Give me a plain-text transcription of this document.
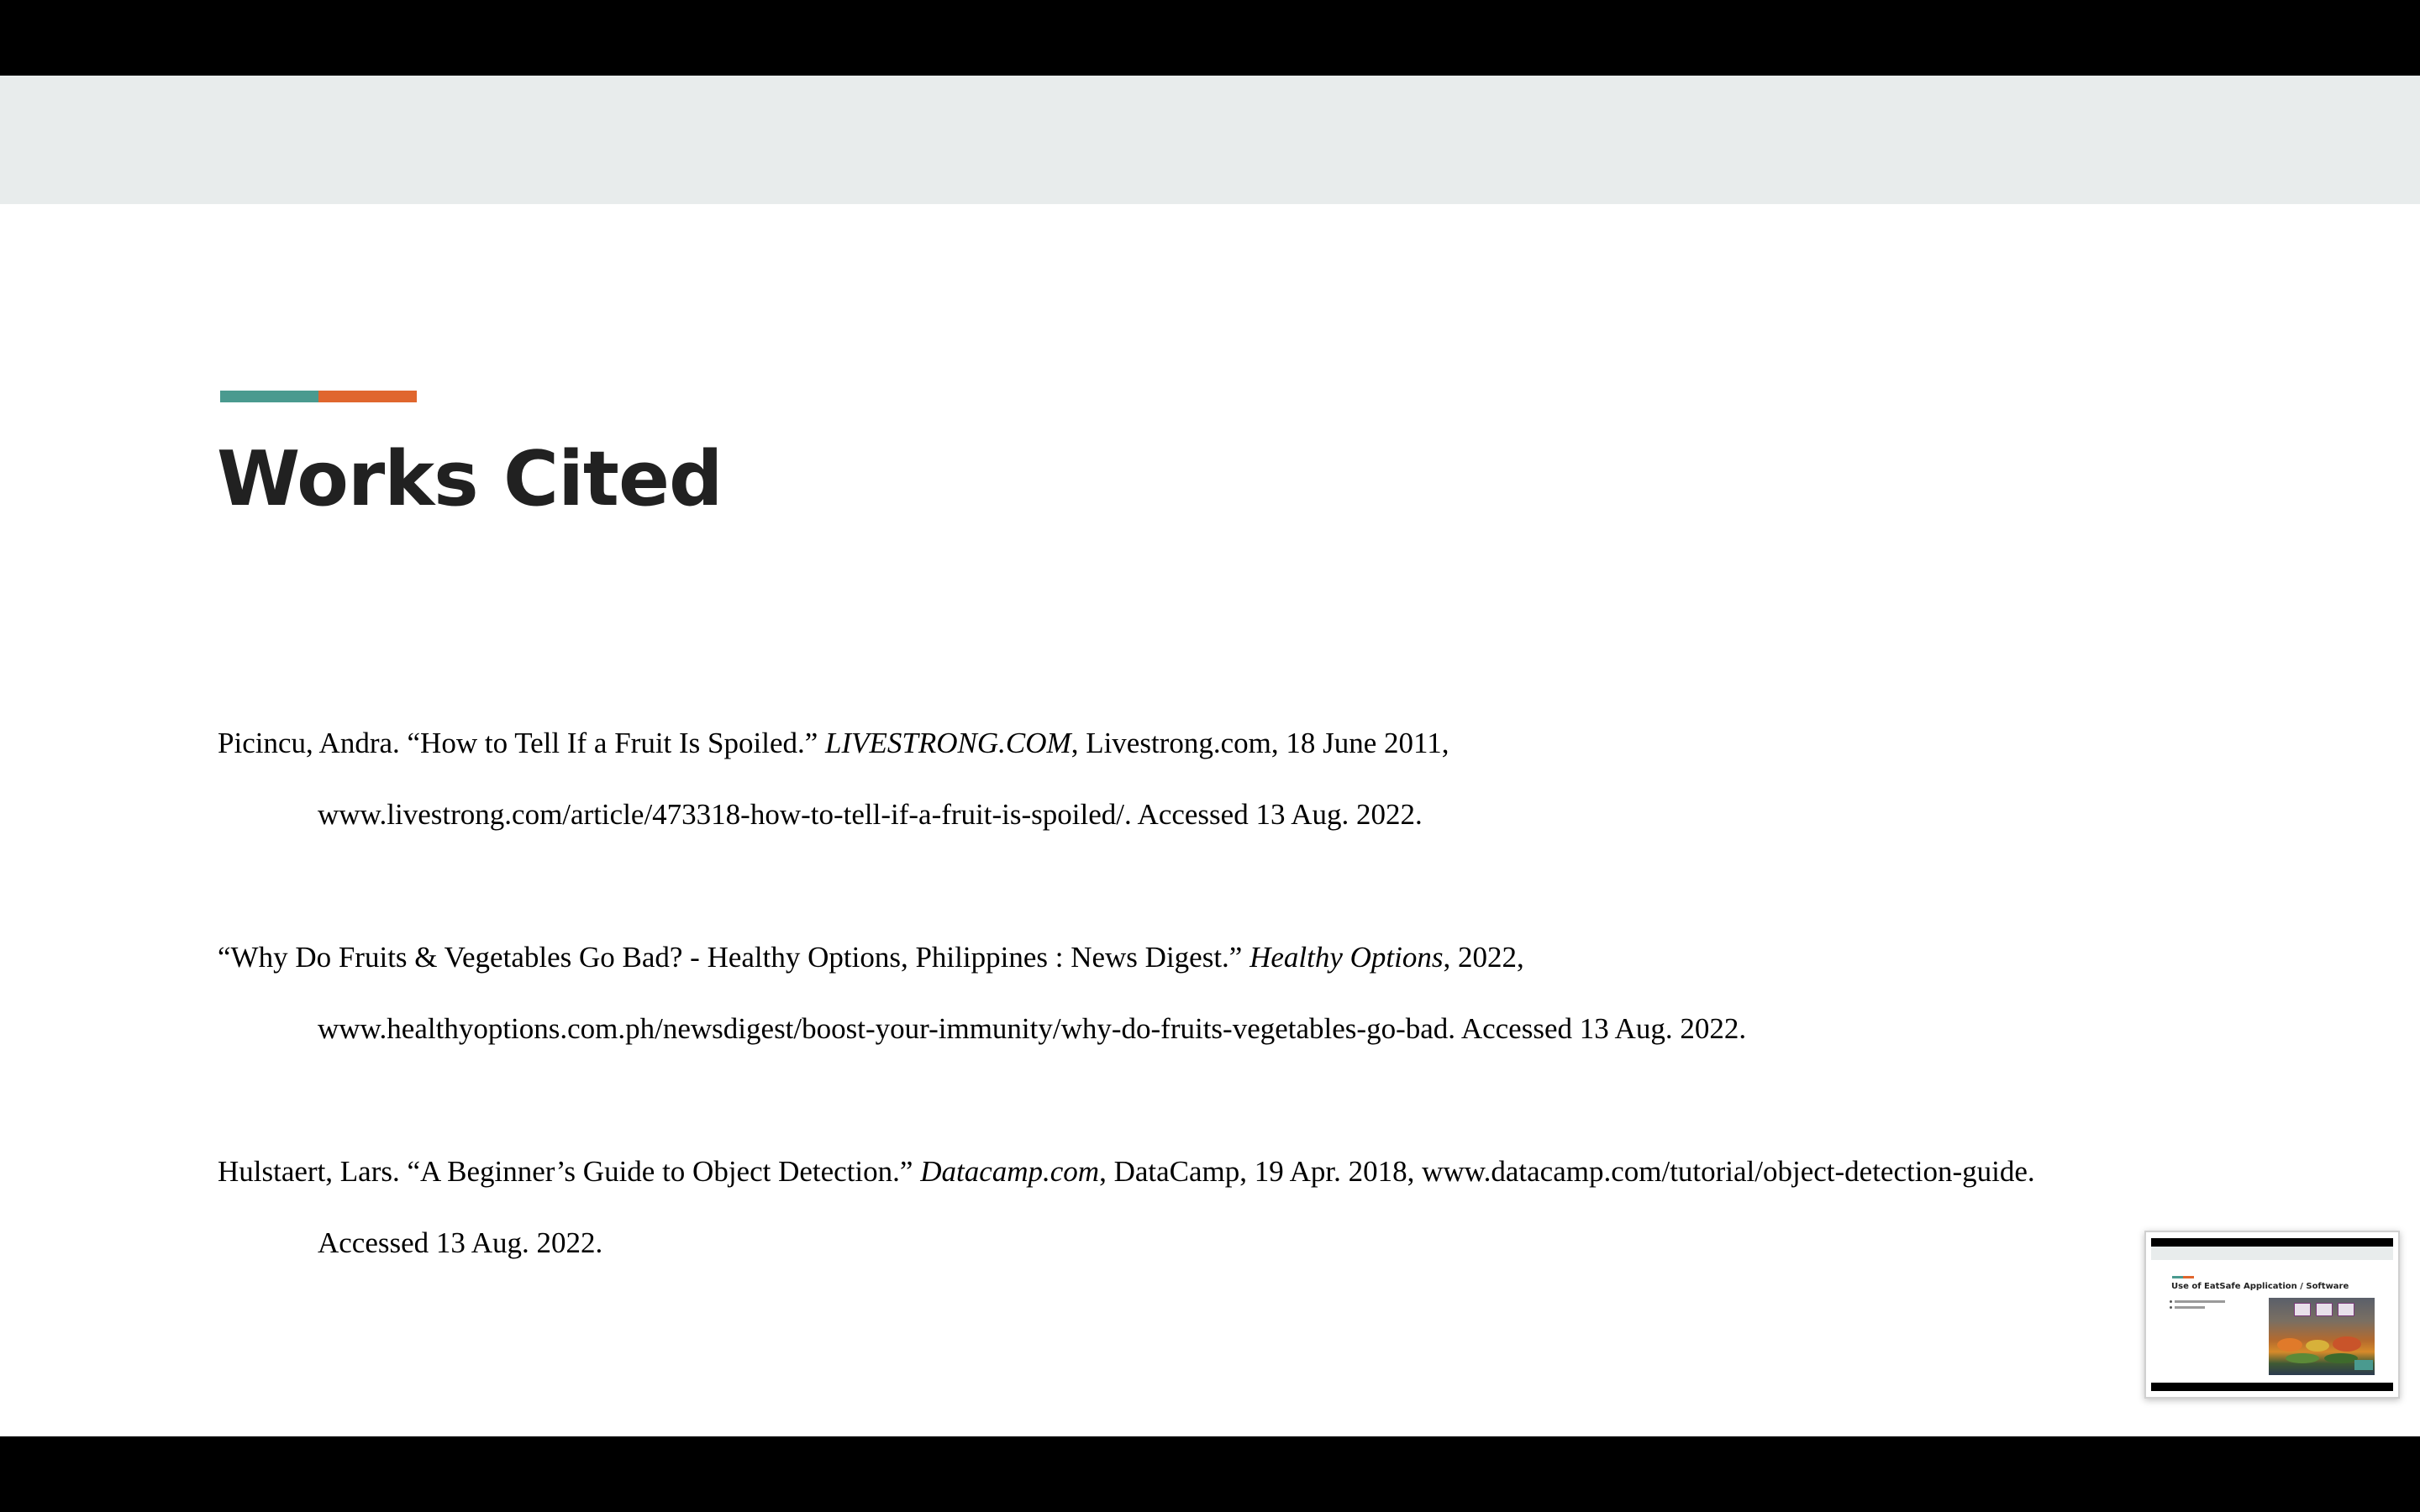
Works Cited
Picincu, Andra. “How to Tell If a Fruit Is Spoiled.” LIVESTRONG.COM, Livestrong.com, 18 June 2011,
www.livestrong.com/article/473318-how-to-tell-if-a-fruit-is-spoiled/. Accessed 13 Aug. 2022.
“Why Do Fruits & Vegetables Go Bad? - Healthy Options, Philippines : News Digest.” Healthy Options, 2022,
www.healthyoptions.com.ph/newsdigest/boost-your-immunity/why-do-fruits-vegetables-go-bad. Accessed 13 Aug. 2022.
Hulstaert, Lars. “A Beginner’s Guide to Object Detection.” Datacamp.com, DataCamp, 19 Apr. 2018, www.datacamp.com/tutorial/object-detection-guide.
Accessed 13 Aug. 2022.
Use of EatSafe Application / Software
